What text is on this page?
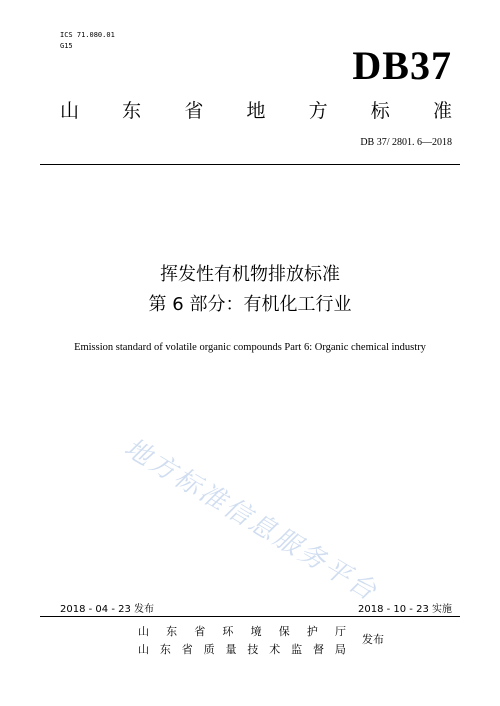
ICS 71.080.01
G15	DB37
山 东 省 地 方 标 准
DB 37/ 2801. 6—2018
挥发性有机物排放标准
第 6 部分：有机化工行业
Emission standard of volatile organic compounds Part 6: Organic chemical industry
地方标准信息服务平台
2018 - 04 - 23 发布	2018 - 10 - 23 实施
山 东 省 环 境 保 护 厅
山 东 省 质 量 技 术 监 督 局
发布
